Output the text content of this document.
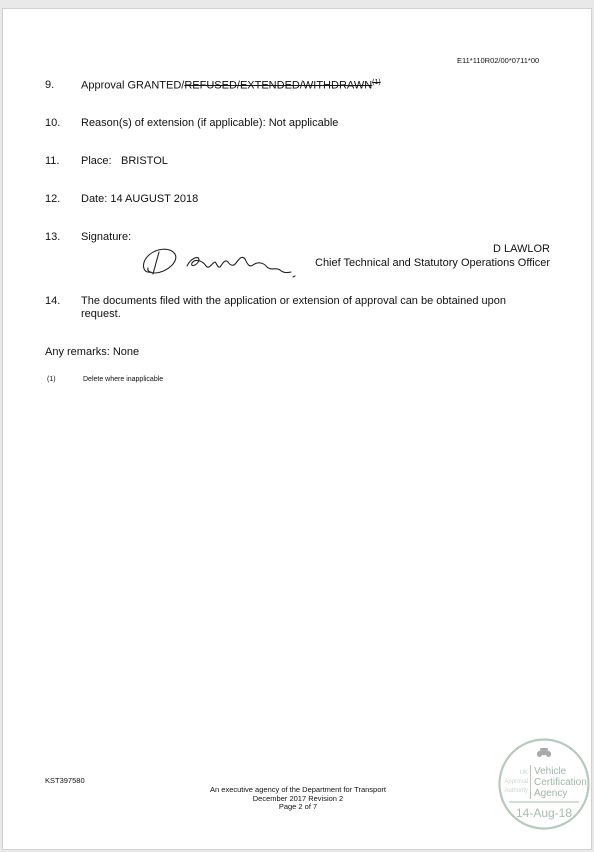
E11*110R02/00*0711*00
9. Approval GRANTED/REFUSED/EXTENDED/WITHDRAWN$^{(1)}$
10. Reason(s) of extension (if applicable): Not applicable
11. Place: BRISTOL
12. Date: 14 AUGUST 2018
13. Signature:
D LAWLOR
Chief Technical and Statutory Operations Officer
14. The documents filed with the application or extension of approval can be obtained upon
request.
Any remarks: None
(1)	Delete where inapplicable
KST397580
An executive agency of the Department for Transport
December 2017 Revision 2
Page 2 of 7
UK
Approval
Authority
Vehicle
Certification
Agency
14-Aug-18
